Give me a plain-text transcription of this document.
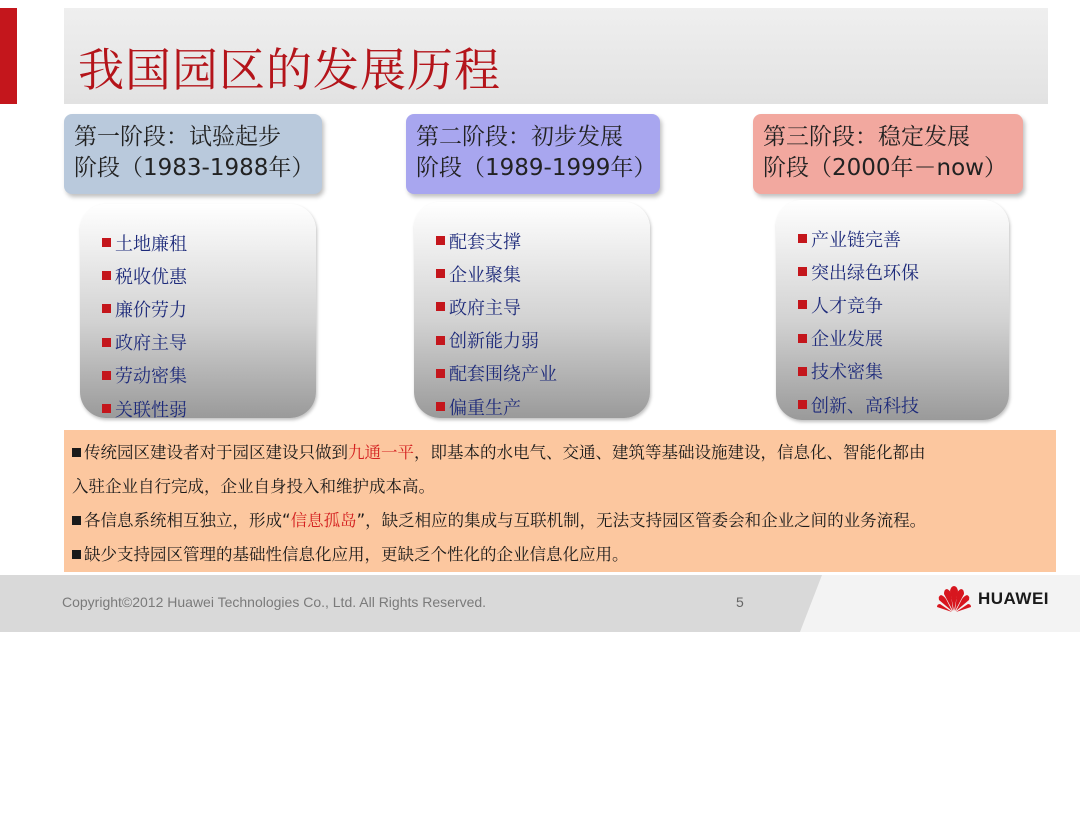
我国园区的发展历程
第一阶段：试验起步
阶段（1983-1988年）
第二阶段：初步发展
阶段（1989-1999年）
第三阶段：稳定发展
阶段（2000年－now）
土地廉租
税收优惠
廉价劳力
政府主导
劳动密集
关联性弱
配套支撑
企业聚集
政府主导
创新能力弱
配套围绕产业
偏重生产
产业链完善
突出绿色环保
人才竞争
企业发展
技术密集
创新、高科技
传统园区建设者对于园区建设只做到九通一平，即基本的水电气、交通、建筑等基础设施建设，信息化、智能化都由
入驻企业自行完成，企业自身投入和维护成本高。
各信息系统相互独立，形成“信息孤岛”，缺乏相应的集成与互联机制，无法支持园区管委会和企业之间的业务流程。
缺少支持园区管理的基础性信息化应用，更缺乏个性化的企业信息化应用。
Copyright©2012 Huawei Technologies Co., Ltd. All Rights Reserved.	5	HUAWEI
